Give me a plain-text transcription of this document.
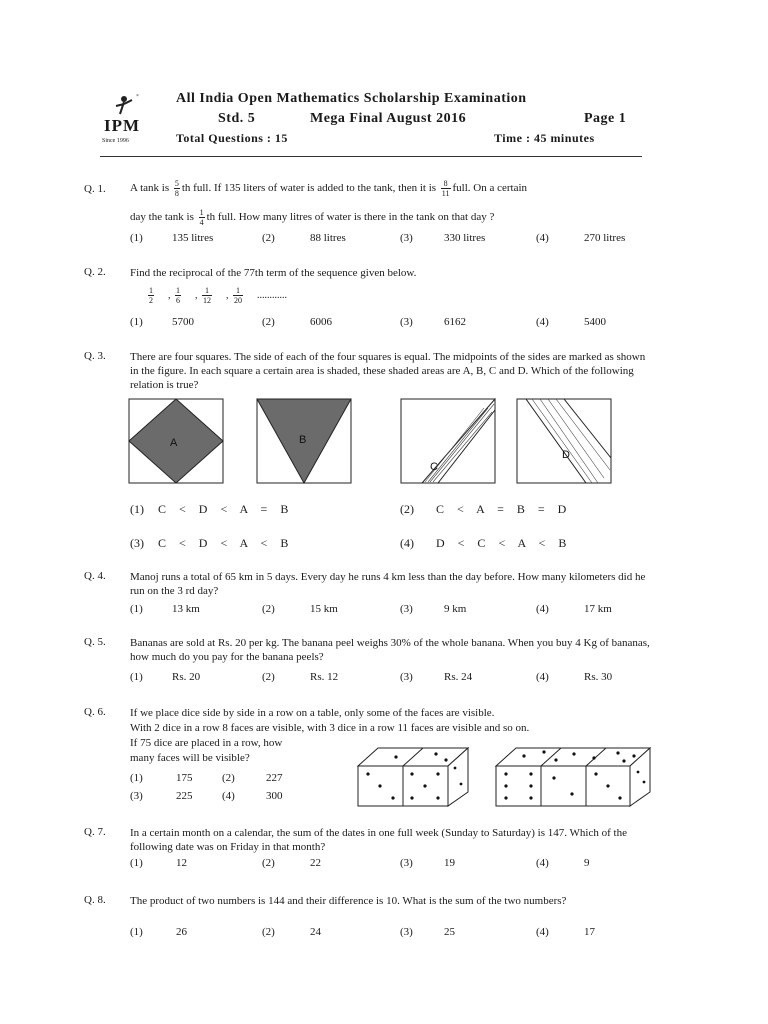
*
IPM
Since 1996
All India Open Mathematics Scholarship Examination
Std. 5	Mega Final August 2016	Page 1
Total Questions : 15	Time : 45 minutes
Q. 1. A tank is $\frac{5}{8}$ th full. If 135 liters of water is added to the tank, then it is $\frac{8}{11}$ full. On a certain
day the tank is $\frac{1}{4}$ th full. How many litres of water is there in the tank on that day ?
(1)	135 litres	(2)	88 litres	(3)	330 litres	(4)	270 litres
Q. 2. Find the reciprocal of the 77th term of the sequence given below.
$\frac{1}{2}$ , $\frac{1}{6}$ , $\frac{1}{12}$ , $\frac{1}{20}$ ............
(1)	5700	(2)	6006	(3)	6162	(4)	5400
Q. 3. There are four squares. The side of each of the four squares is equal. The midpoints of the sides are marked as shown in the figure. In each square a certain area is shaded, these shaded areas are A, B, C and D. Which of the following relation is true?
A	B
C
D
(1) C < D < A = B	(2) C < A = B = D
(3) C < D < A < B	(4) D < C < A < B
Q. 4. Manoj runs a total of 65 km in 5 days. Every day he runs 4 km less than the day before. How many kilometers did he run on the 3 rd day?
(1)	13 km	(2)	15 km	(3)	9 km	(4)	17 km
Q. 5. Bananas are sold at Rs. 20 per kg. The banana peel weighs 30% of the whole banana. When you buy 4 Kg of bananas, how much do you pay for the banana peels?
(1)	Rs. 20	(2)	Rs. 12	(3)	Rs. 24	(4)	Rs. 30
Q. 6. If we place dice side by side in a row on a table, only some of the faces are visible.
With 2 dice in a row 8 faces are visible, with 3 dice in a row 11 faces are visible and so on.
If 75 dice are placed in a row, how
many faces will be visible?
(1)	175	(2)	227
(3)	225	(4)	300
Q. 7. In a certain month on a calendar, the sum of the dates in one full week (Sunday to Saturday) is 147. Which of the following date was on Friday in that month?
(1)	12	(2)	22	(3)	19	(4)	9
Q. 8. The product of two numbers is 144 and their difference is 10. What is the sum of the two numbers?
(1)	26	(2)	24	(3)	25	(4)	17
